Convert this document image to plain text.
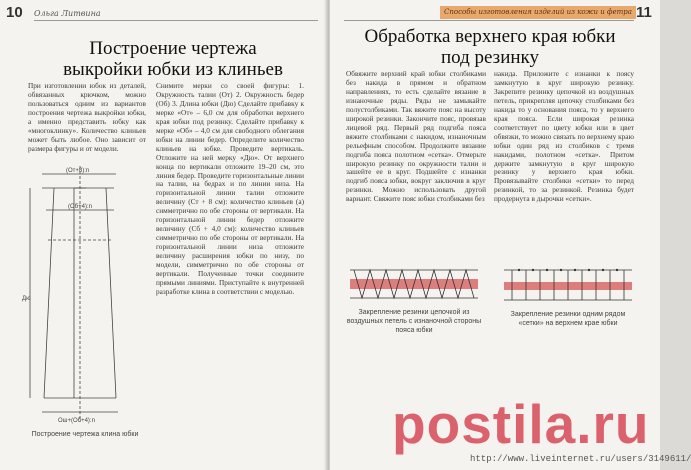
10 Ольга Литвина
Построение чертежа
выкройки юбки из клиньев
При изготовлении юбок из деталей, обвязанных крючком, можно пользоваться одним из вариантов построения чертежа выкройки юбки, а именно представить юбку как «многоклинку». Количество клиньев может быть любое. Оно зависит от размера фигуры и от модели.
Снимите мерки со своей фигуры: 1. Окружность талии (От) 2. Окружность бедер (Об) 3. Длина юбки (Дю) Сделайте прибавку к мерке «От» – 6,0 см для обработки верхнего края юбки под резинку. Сделайте прибавку к мерке «Об» – 4,0 см для свободного облегания юбки на линии бедер. Определите количество клиньев на юбке. Проведите вертикаль. Отложите на ней мерку «Дю». От верхнего конца по вертикали отложите 19–20 см, это линия бедер. Проведите горизонтальные линии на талии, на бедрах и по линии низа. На горизонтальной линии талии отложите величину (Ст + 8 см): количество клиньев (а) симметрично по обе стороны от вертикали. На горизонтальной линии бедер отложите величину (Сб + 4,0 см): количество клиньев симметрично по обе стороны от вертикали. На горизонтальной линии низа отложите величину расширения юбки по низу, по модели, симметрично по обе стороны от вертикали. Полученные точки соедините прямыми линиями. Приступайте к внутренней разработке клина в соответствии с моделью.
(От+8):n
(Об+4):n
Ош+(Об+4):n
Дю
Построение чертежа клина юбки
11
Способы изготовления изделий из кожи и фетра
Обработка верхнего края юбки
под резинку
Обвяжите верхний край юбки столбиками без накида в прямом и обратном направлениях, то есть сделайте вязание в изнаночные ряды. Ряды не замыкайте полустолбиками. Так вяжите пояс на высоту широкой резинки. Закончите пояс, провязав лицевой ряд. Первый ряд подгиба пояса вяжите столбиками с накидом, изнаночным рельефным способом. Продолжите вязание подгиба пояса полотном «сетка». Отмерьте широкую резинку по окружности талии и зашейте ее в круг. Подшейте с изнанки подгиб пояса юбки, вокруг заключив в круг резинки. Можно использовать другой вариант. Свяжите пояс юбки столбиками без
накида. Приложите с изнанки к поясу замкнутую в круг широкую резинку. Закрепите резинку цепочкой из воздушных петель, прикрепляя цепочку столбиками без накида то у основания пояса, то у верхнего края пояса. Если широкая резинка соответствует по цвету юбки или в цвет обвязки, то можно связать по верхнему краю юбки один ряд из столбиков с тремя накидами, полотном «сетка». Притом держите замкнутую в круг широкую резинку у верхнего края юбки. Провязывайте столбики «сетки» то перед резинкой, то за резинкой. Резинка будет продернута в дырочки «сетки».
Закрепление резинки цепочкой из воздушных петель с изнаночной стороны пояса юбки
Закрепление резинки одним рядом «сетки» на верхнем крае юбки
postila.ru
http://www.liveinternet.ru/users/3149611/
